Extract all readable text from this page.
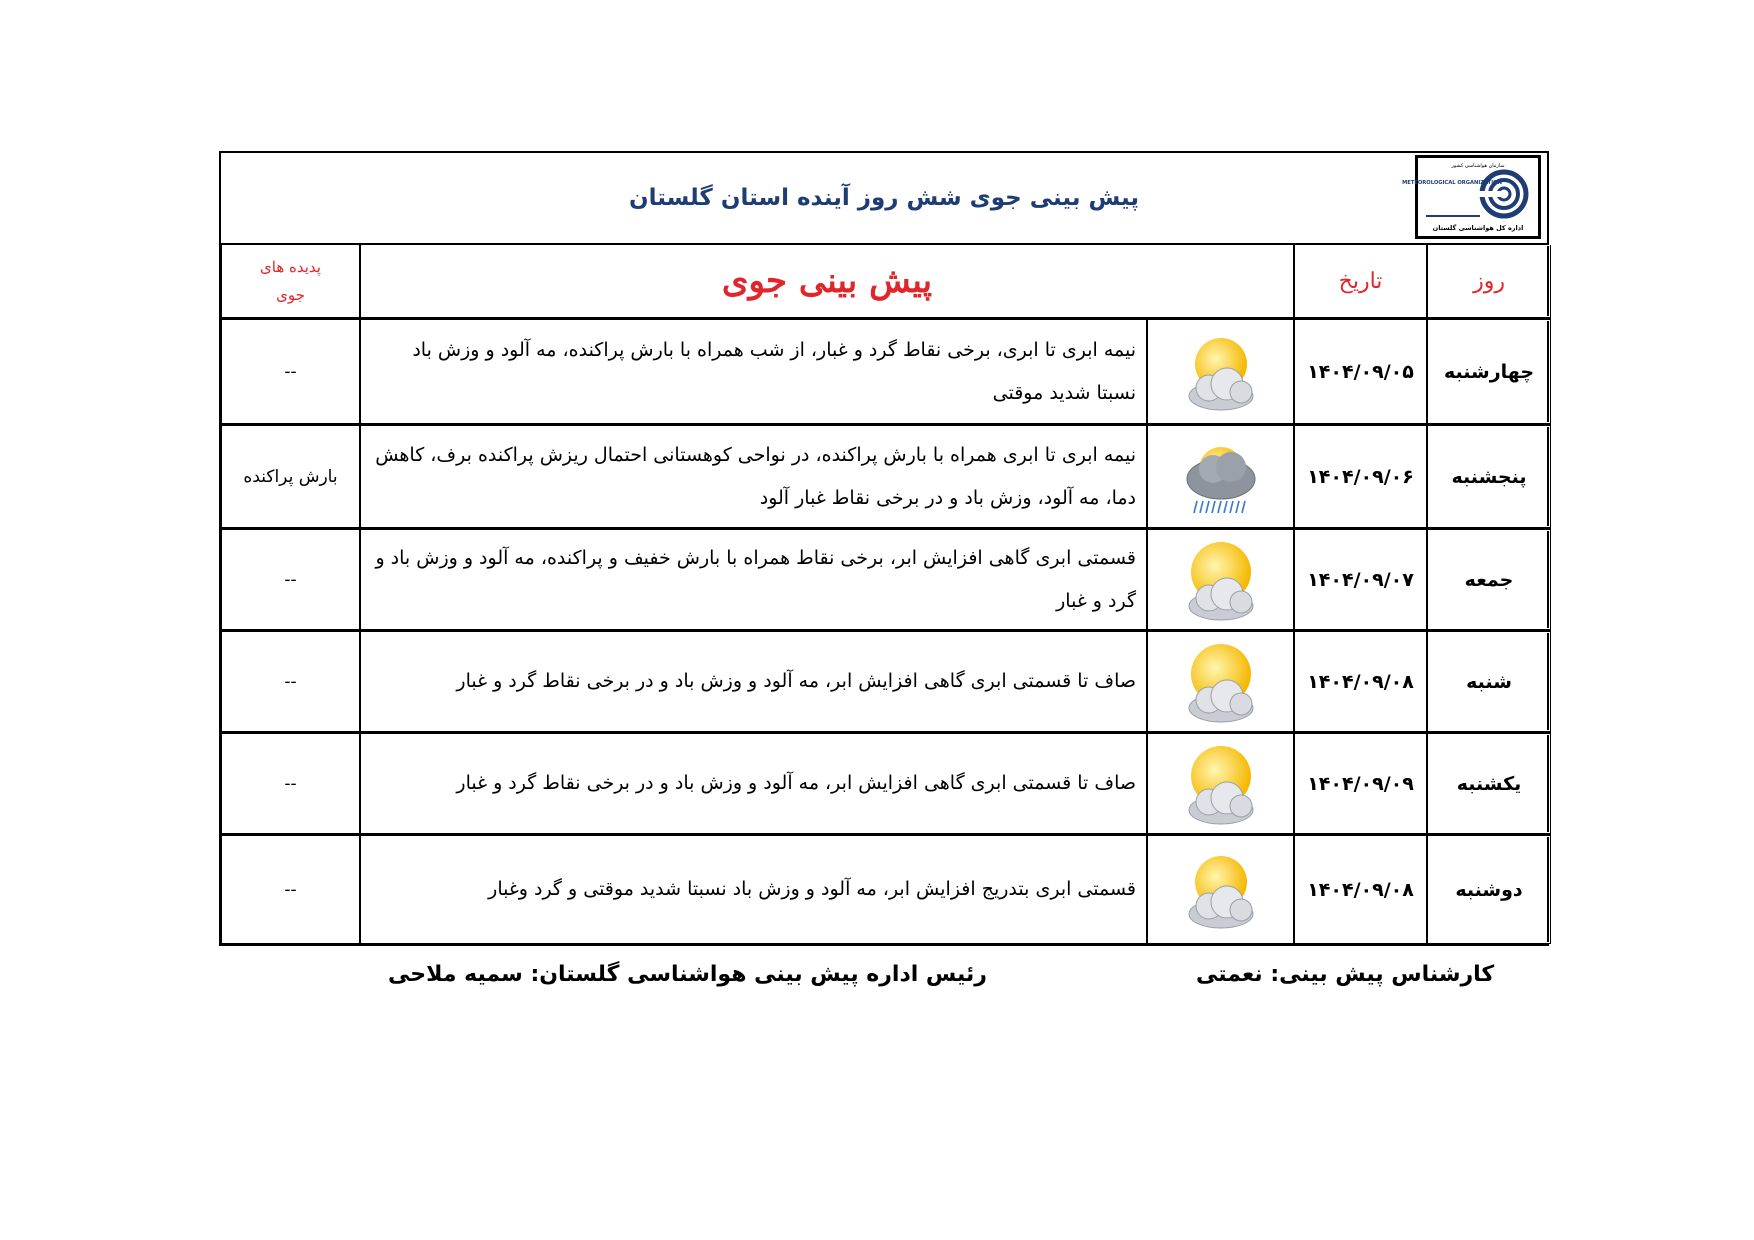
پیش بینی جوی شش روز آینده استان گلستان
سازمان هواشناسی کشور
METEOROLOGICAL ORGANIZATION
اداره کل هواشناسی گلستان
روز	تاریخ	پیش بینی جوی		پدیده های
جوی

چهارشنبه	۱۴۰۴/۰۹/۰۵		نیمه ابری تا ابری، برخی نقاط گرد و غبار، از شب همراه با بارش پراکنده، مه آلود و وزش باد نسبتا شدید موقتی	--
پنجشنبه	۱۴۰۴/۰۹/۰۶		نیمه ابری تا ابری همراه با بارش پراکنده، در نواحی کوهستانی احتمال ریزش پراکنده برف، کاهش دما، مه آلود، وزش باد و در برخی نقاط غبار آلود	بارش پراکنده
جمعه	۱۴۰۴/۰۹/۰۷		قسمتی ابری گاهی افزایش ابر، برخی نقاط همراه با بارش خفیف و پراکنده، مه آلود و وزش باد و گرد و غبار	--
شنبه	۱۴۰۴/۰۹/۰۸		صاف تا قسمتی ابری گاهی افزایش ابر، مه آلود و وزش باد و در برخی نقاط گرد و غبار	--
یکشنبه	۱۴۰۴/۰۹/۰۹		صاف تا قسمتی ابری گاهی افزایش ابر، مه آلود و وزش باد و در برخی نقاط گرد و غبار	--
دوشنبه	۱۴۰۴/۰۹/۰۸		قسمتی ابری بتدریج افزایش ابر، مه آلود و وزش باد نسبتا شدید موقتی و گرد وغبار	--
رئیس اداره پیش بینی هواشناسی گلستان: سمیه ملاحی	کارشناس پیش بینی: نعمتی
